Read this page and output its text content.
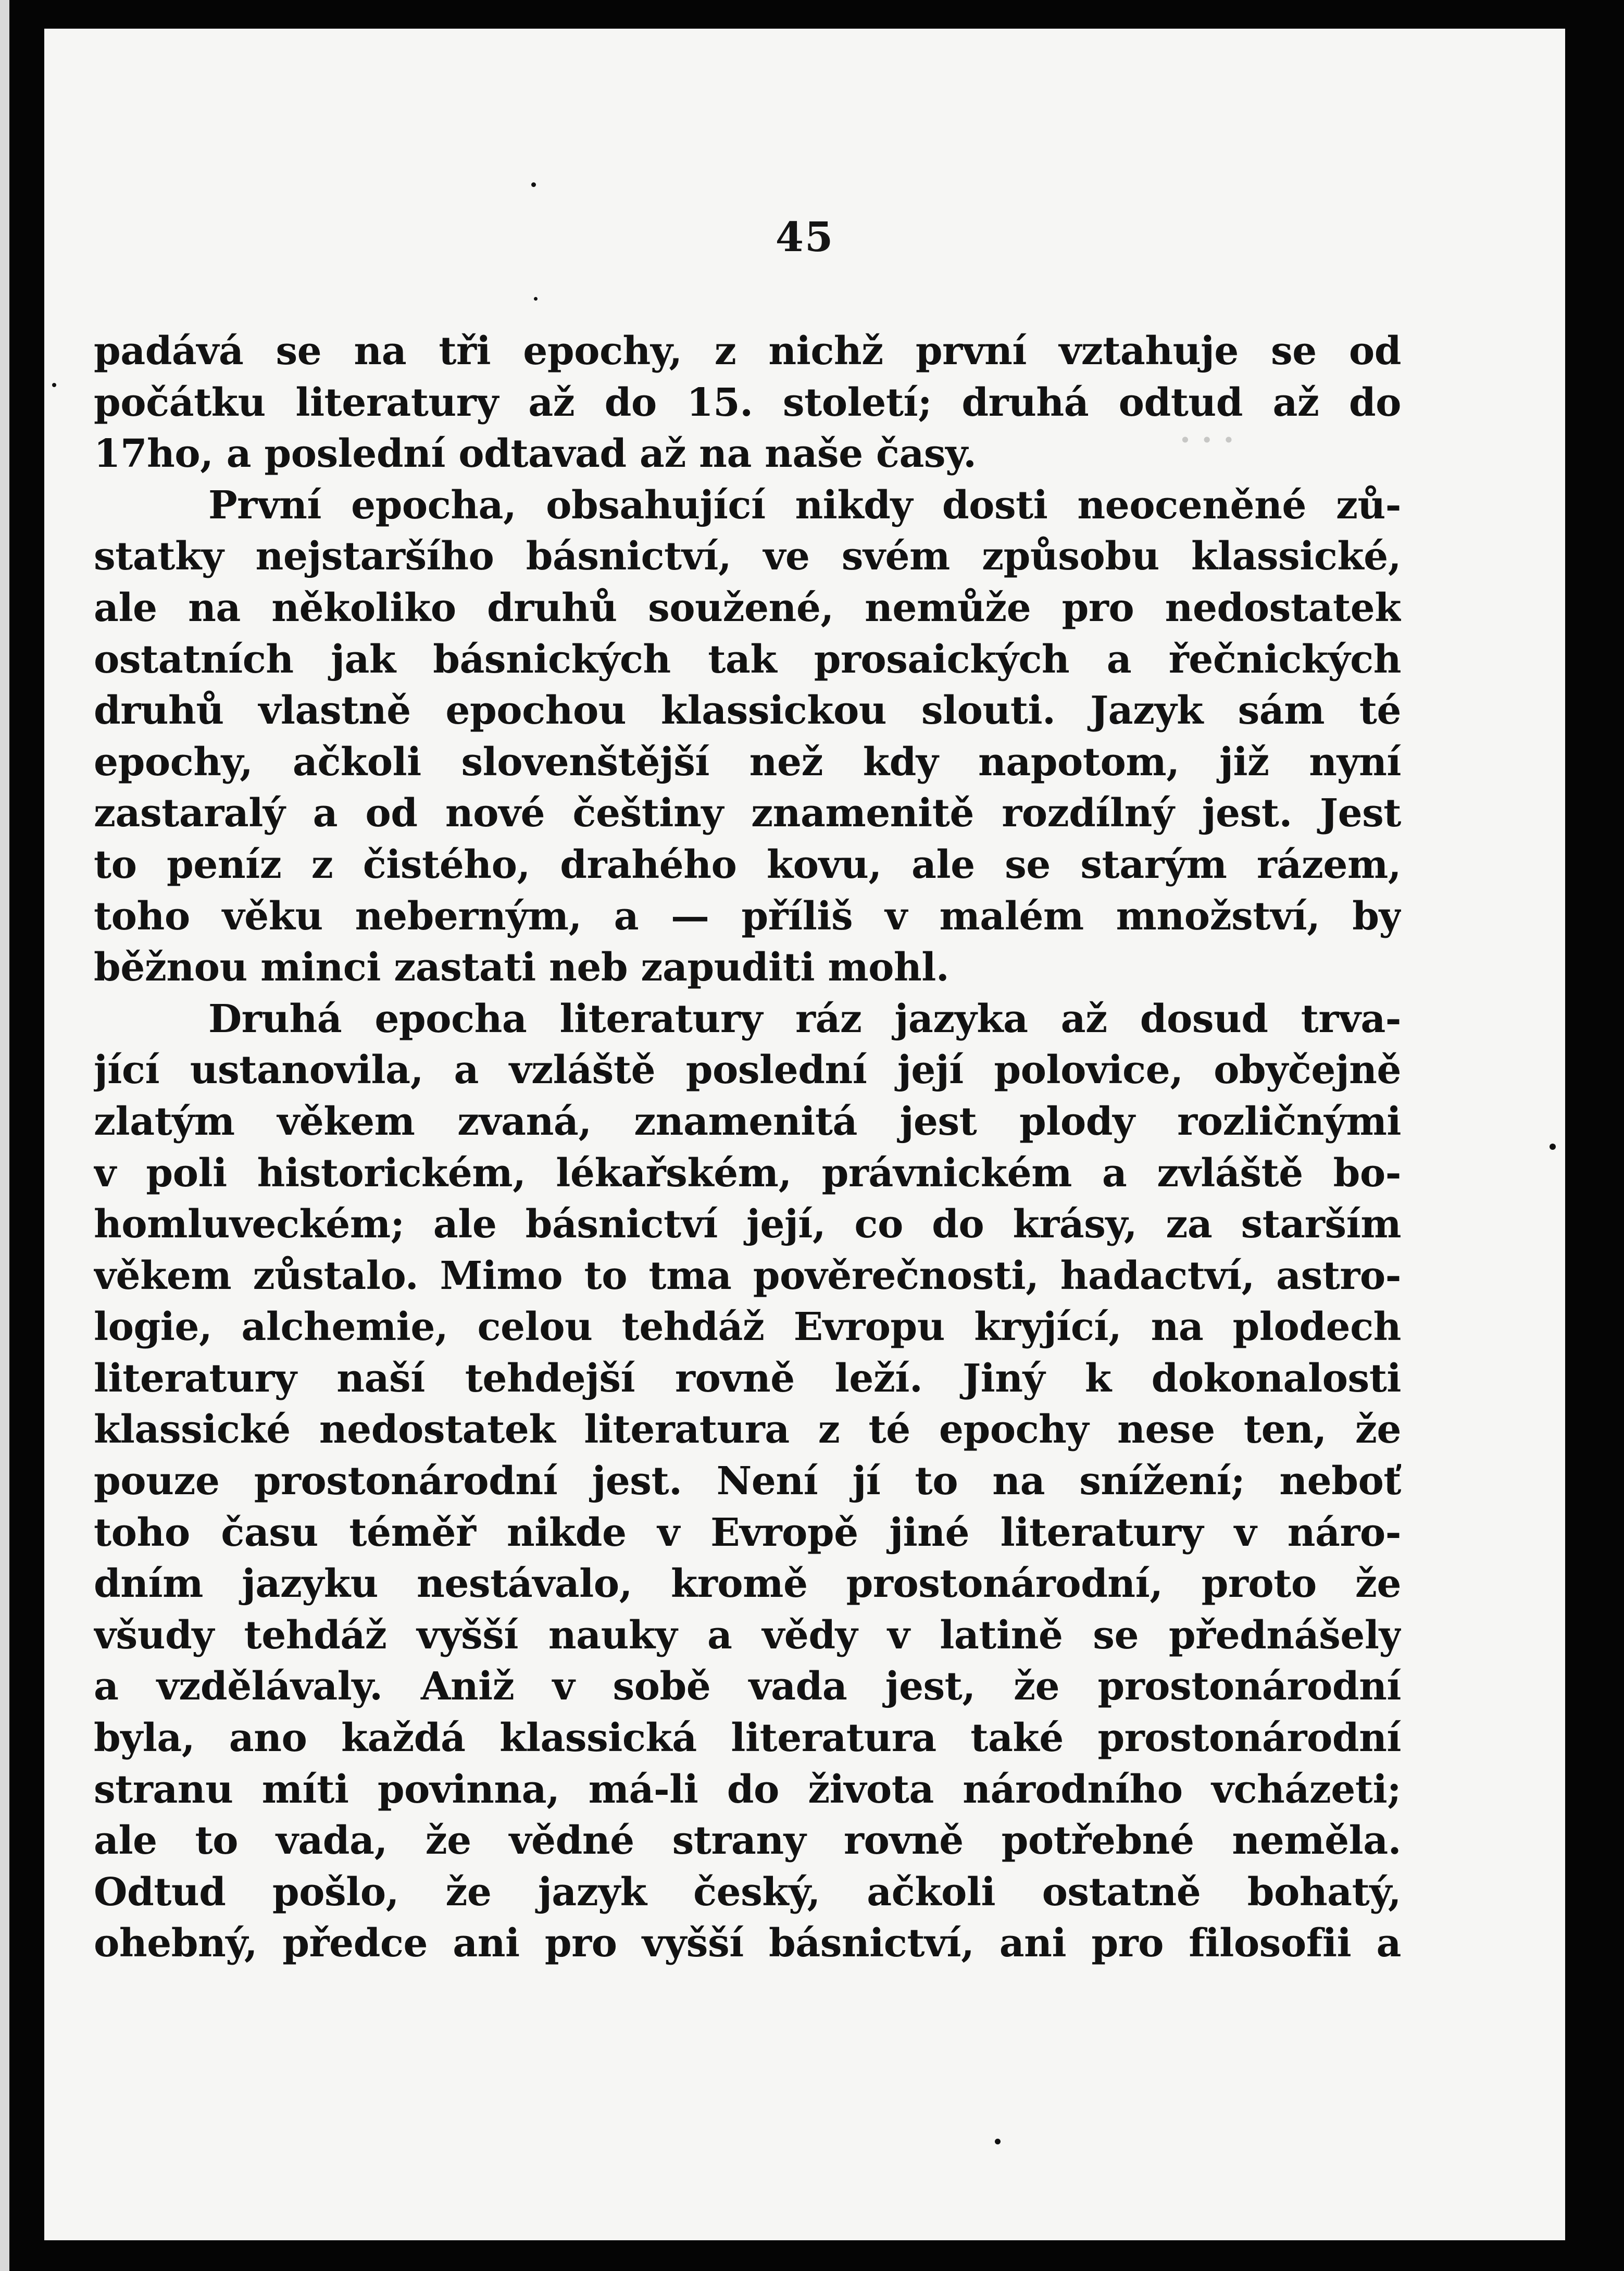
45
· · ·
padává se na tři epochy, z nichž první vztahuje se od
počátku literatury až do 15. století; druhá odtud až do
17ho, a poslední odtavad až na naše časy.
První epocha, obsahující nikdy dosti neoceněné zů-
statky nejstaršího básnictví, ve svém způsobu klassické,
ale na několiko druhů soužené, nemůže pro nedostatek
ostatních jak básnických tak prosaických a řečnických
druhů vlastně epochou klassickou slouti. Jazyk sám té
epochy, ačkoli slovenštější než kdy napotom, již nyní
zastaralý a od nové češtiny znamenitě rozdílný jest. Jest
to peníz z čistého, drahého kovu, ale se starým rázem,
toho věku neberným, a — příliš v malém množství, by
běžnou minci zastati neb zapuditi mohl.
Druhá epocha literatury ráz jazyka až dosud trva-
jící ustanovila, a vzláště poslední její polovice, obyčejně
zlatým věkem zvaná, znamenitá jest plody rozličnými
v poli historickém, lékařském, právnickém a zvláště bo-
homluveckém; ale básnictví její, co do krásy, za starším
věkem zůstalo. Mimo to tma pověrečnosti, hadactví, astro-
logie, alchemie, celou tehdáž Evropu kryjící, na plodech
literatury naší tehdejší rovně leží. Jiný k dokonalosti
klassické nedostatek literatura z té epochy nese ten, že
pouze prostonárodní jest. Není jí to na snížení; neboť
toho času téměř nikde v Evropě jiné literatury v náro-
dním jazyku nestávalo, kromě prostonárodní, proto že
všudy tehdáž vyšší nauky a vědy v latině se přednášely
a vzdělávaly. Aniž v sobě vada jest, že prostonárodní
byla, ano každá klassická literatura také prostonárodní
stranu míti povinna, má-li do života národního vcházeti;
ale to vada, že vědné strany rovně potřebné neměla.
Odtud pošlo, že jazyk český, ačkoli ostatně bohatý,
ohebný, předce ani pro vyšší básnictví, ani pro filosofii a
